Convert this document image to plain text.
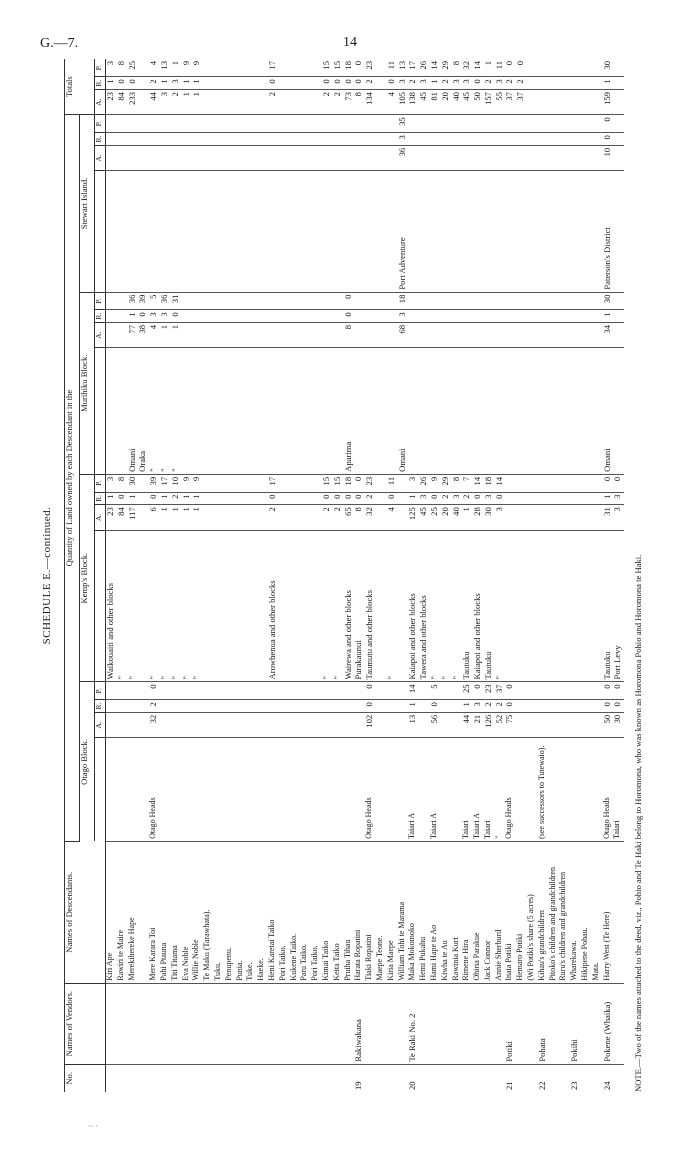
G.—7.	14
SCHEDULE E.—continued.
No.	Names of Vendors.	Names of Descendants.	Quantity of Land owned by each Descendant in the																Totals		
			Otago Block.				Kemp's Block.				Murihiku Block.				Stewart Island.						
				A.	R.	P.		A.	R.	P.		A.	R.	P.		A.	R.	P.	A.	R.	P.
		Kiri Ape					Waikouaiti and other blocks	23	1	3									23	1	3
		Rawiri te Maire					"	84	0	8									84	0	8
		Merekihereke Hape					"	117	1	30	Omani	77	1	36					233	0	25
											Oraka	38	0	39							
		Mere Karara Toi	Otago Heads	32	2	0	"	6	0	39	"	4	3	5					44	2	4
		Pahi Ptauna					"	1	1	17	"	1	3	36					3	1	13
		Titi Titama					"	1	2	10	"	1	0	31					2	3	1
		Eva Noble					"	1	1	9									1	1	9
		Willie Noble					"	1	1	9									1	1	9
		Te Maku (Tarawhata).																			
		Tuku.																			
		Penupenu.																			
		Punia.																			
		Tuke.																			
		Haeke.																			
		Heni Karetai Taiko					Arowhenua and other blocks	2	0	17									2	0	17
		Pori Taiko.																			
		Kukene Taiko.																			
		Paru Taiko.																			
		Pori Taiko.																			
		Kimai Taiko					"	2	0	15									2	0	15
		Keita Taiko					"	2	0	15									2	0	15
		Pruiha Tihau					Wairewa and other blocks	65	0	18	Aparima	8	0	0					73	0	18
19	Rakiwakana	Harata Ropatini					Purakaunui	8	0	0									8	0	0
		Tiaki Ropatini	Otago Heads	102	0	0	Taumutu and other blocks	32	2	23									134	2	23
		Maepe Teone.																			
		Kiria Maepe					"	4	0	11									4	0	11
		William Tohi te Marama									Omani	68	3	18	Port Adventure	36	3	35	105	3	13
20	Te Raki No. 2	Maka Mokomoko	Taiari A	13	1	14	Kaiapoi and other blocks	125	1	3									138	2	17
		Hemi Pukahu					Tawera and other blocks	45	3	26									45	3	26
		Hami Hape te Ao	Taiari A	56	0	5	"	25	0	9									81	1	14
		Kiwha te Au					"	20	2	29									20	2	29
		Rawinia Kuri					"	40	3	8									40	3	8
		Rimene Hira	Taiari	44	1	25	Tautuku	1	2	7									45	3	32
		Ohiria Parakue	Taiari A	21	3	0	Kaiapoi and other blocks	28	0	14									50	0	14
		Jack Connor	Taiari	126	2	23	Tautuku	30	3	18									157	2	1
		Annie Sherburd	"	52	2	37	"	3	0	14									55	3	11
21	Potiki	Inaia Potiki	Otago Heads	75	0	0													37	2	0
		Hemaro Potiki																	37	2	0
		(Wi Potiki's share (5 acres)																			
22	Pohata	Kihau's grandchildren	(see successors to Tutewaio).																		
		Pitoko's children and grandchildren																			
		Ruru's children and grandchildren																			
23	Pokihi	Wharekawa.																			
		Hikipene Pohau.																			
		Mata.																			
24	Pokene (Whaika)	Harry West (Te Here)	Otago Heads	50	0	0	Tautuku	31	1	0	Omani	34	1	30	Paterson's District	10	0	0	159	1	30
			Taiari	30	0	0	Port Levy	3	3	0											
NOTE.—Two of the names attached to the deed, viz., Pohio and Te Haki belong to Horomona, who was known as Horomona Pohio and Horomona te Haki.
·· ·
